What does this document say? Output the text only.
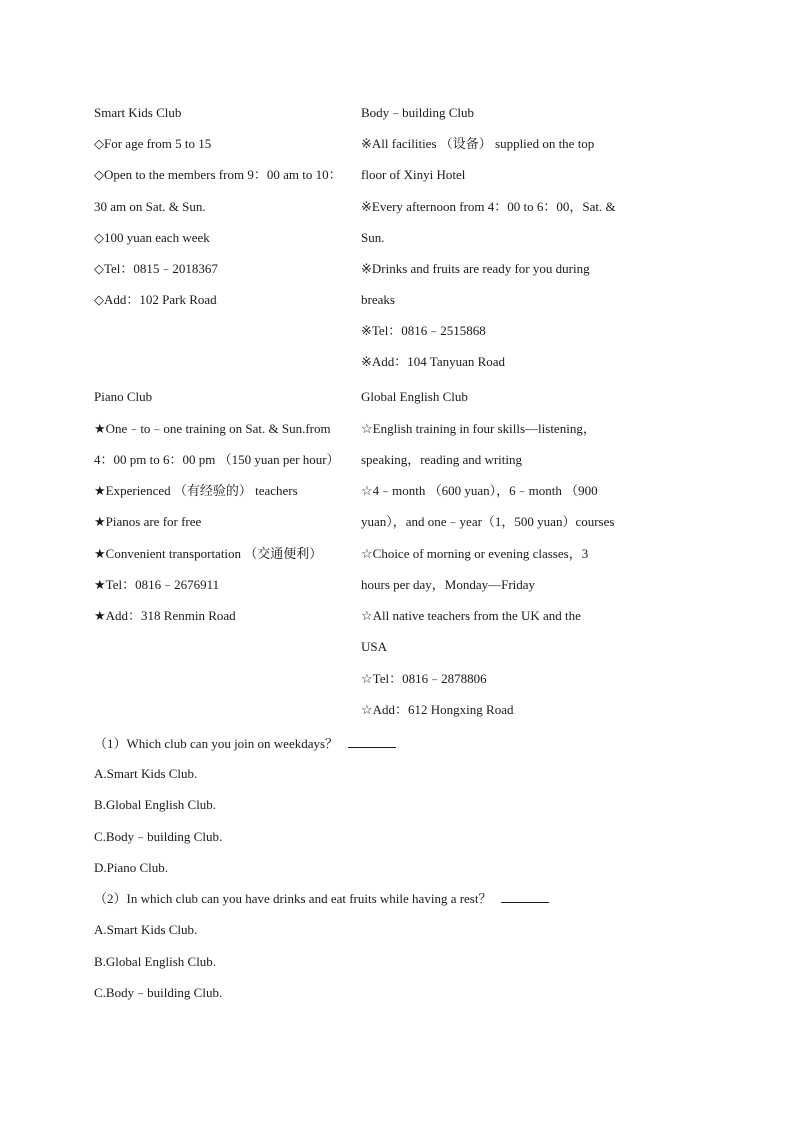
Smart Kids Club
◇For age from 5 to 15
◇Open to the members from 9：00 am to 10：
30 am on Sat. & Sun.
◇100 yuan each week
◇Tel：0815﹣2018367
◇Add：102 Park Road
Body﹣building Club
※All facilities （设备） supplied on the top
floor of Xinyi Hotel
※Every afternoon from 4：00 to 6：00，Sat. &
Sun.
※Drinks and fruits are ready for you during
breaks
※Tel：0816﹣2515868
※Add：104 Tanyuan Road
Piano Club
★One﹣to﹣one training on Sat. & Sun.from
4：00 pm to 6：00 pm （150 yuan per hour）
★Experienced （有经验的） teachers
★Pianos are for free
★Convenient transportation （交通便利）
★Tel：0816﹣2676911
★Add：318 Renmin Road
Global English Club
☆English training in four skills—listening，
speaking，reading and writing
☆4﹣month （600 yuan），6﹣month （900
yuan），and one﹣year（1，500 yuan）courses
☆Choice of morning or evening classes，3
hours per day，Monday—Friday
☆All native teachers from the UK and the
USA
☆Tel：0816﹣2878806
☆Add：612 Hongxing Road
（1）Which club can you join on weekdays？
A.Smart Kids Club.
B.Global English Club.
C.Body﹣building Club.
D.Piano Club.
（2）In which club can you have drinks and eat fruits while having a rest？
A.Smart Kids Club.
B.Global English Club.
C.Body﹣building Club.
